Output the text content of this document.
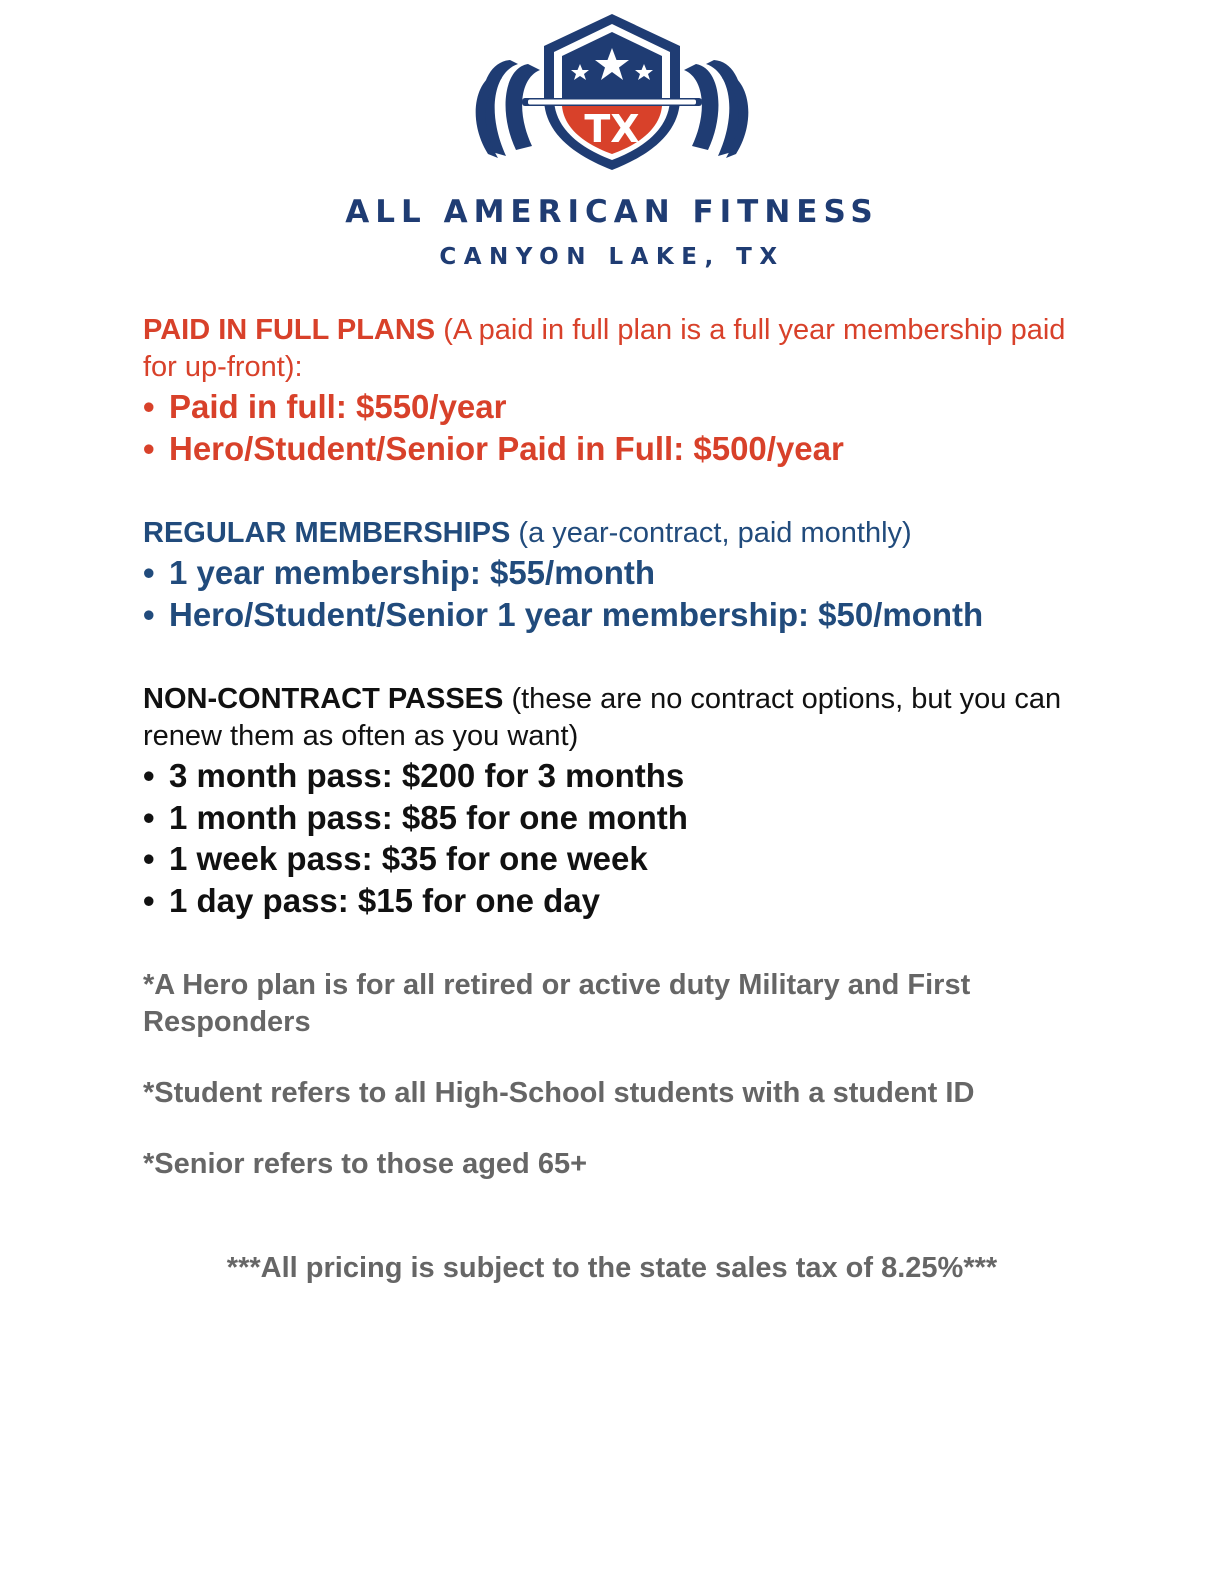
TX
ALL AMERICAN FITNESS
CANYON LAKE, TX

PAID IN FULL PLANS (A paid in full plan is a full year membership paid for up-front):

• Paid in full: $550/year
• Hero/Student/Senior Paid in Full: $500/year

REGULAR MEMBERSHIPS (a year-contract, paid monthly)

• 1 year membership: $55/month
• Hero/Student/Senior 1 year membership: $50/month

NON-CONTRACT PASSES (these are no contract options, but you can renew them as often as you want)

• 3 month pass: $200 for 3 months
• 1 month pass: $85 for one month
• 1 week pass: $35 for one week
• 1 day pass: $15 for one day

*A Hero plan is for all retired or active duty Military and First Responders

*Student refers to all High-School students with a student ID

*Senior refers to those aged 65+

***All pricing is subject to the state sales tax of 8.25%***
